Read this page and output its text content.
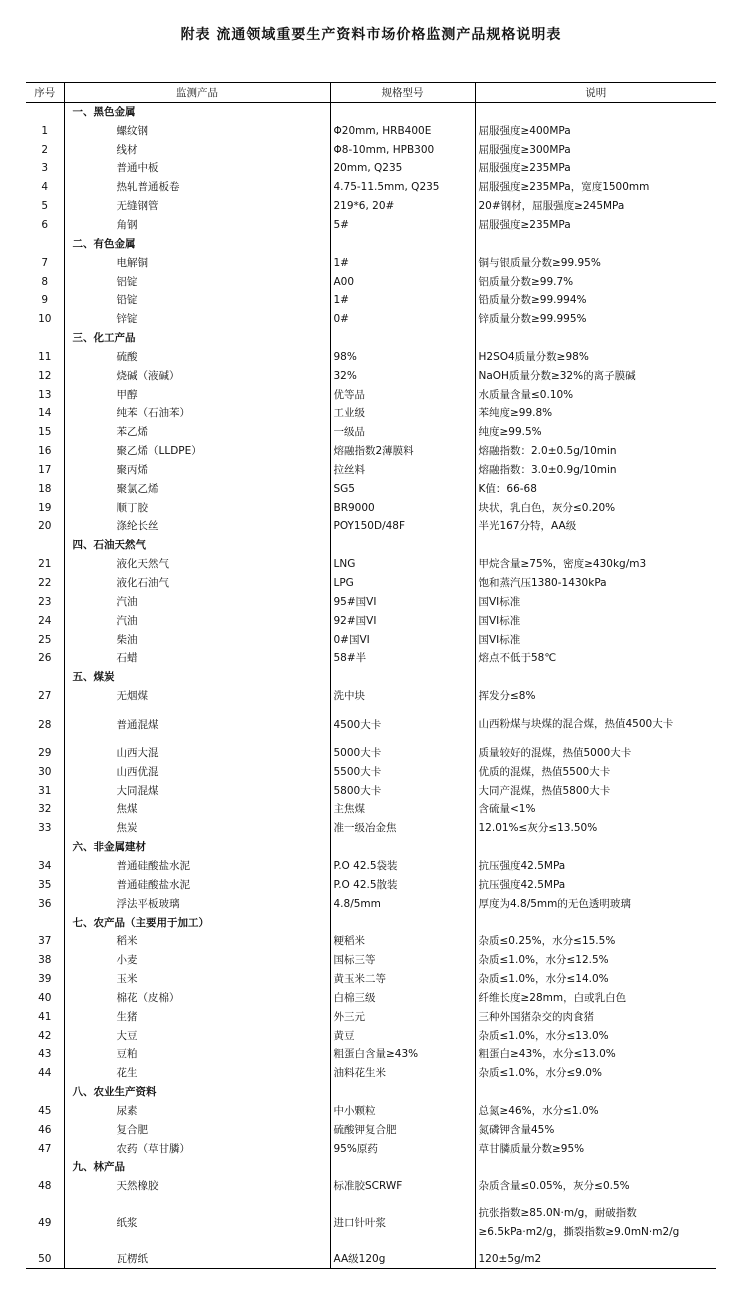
附表 流通领域重要生产资料市场价格监测产品规格说明表
序号	监测产品	规格型号	说明
	一、黑色金属		
1	螺纹钢	Φ20mm, HRB400E	屈服强度≥400MPa
2	线材	Φ8-10mm, HPB300	屈服强度≥300MPa
3	普通中板	20mm, Q235	屈服强度≥235MPa
4	热轧普通板卷	4.75-11.5mm, Q235	屈服强度≥235MPa，宽度1500mm
5	无缝钢管	219*6, 20#	20#钢材，屈服强度≥245MPa
6	角钢	5#	屈服强度≥235MPa
	二、有色金属		
7	电解铜	1#	铜与银质量分数≥99.95%
8	铝锭	A00	铝质量分数≥99.7%
9	铅锭	1#	铅质量分数≥99.994%
10	锌锭	0#	锌质量分数≥99.995%
	三、化工产品		
11	硫酸	98%	H2SO4质量分数≥98%
12	烧碱（液碱）	32%	NaOH质量分数≥32%的离子膜碱
13	甲醇	优等品	水质量含量≤0.10%
14	纯苯（石油苯）	工业级	苯纯度≥99.8%
15	苯乙烯	一级品	纯度≥99.5%
16	聚乙烯（LLDPE）	熔融指数2薄膜料	熔融指数：2.0±0.5g/10min
17	聚丙烯	拉丝料	熔融指数：3.0±0.9g/10min
18	聚氯乙烯	SG5	K值：66-68
19	顺丁胶	BR9000	块状，乳白色，灰分≤0.20%
20	涤纶长丝	POY150D/48F	半光167分特，AA级
	四、石油天然气		
21	液化天然气	LNG	甲烷含量≥75%，密度≥430kg/m3
22	液化石油气	LPG	饱和蒸汽压1380-1430kPa
23	汽油	95#国VI	国VI标准
24	汽油	92#国VI	国VI标准
25	柴油	0#国VI	国VI标准
26	石蜡	58#半	熔点不低于58℃
	五、煤炭		
27	无烟煤	洗中块	挥发分≤8%
28	普通混煤	4500大卡	山西粉煤与块煤的混合煤，热值4500大卡
29	山西大混	5000大卡	质量较好的混煤，热值5000大卡
30	山西优混	5500大卡	优质的混煤，热值5500大卡
31	大同混煤	5800大卡	大同产混煤，热值5800大卡
32	焦煤	主焦煤	含硫量<1%
33	焦炭	准一级冶金焦	12.01%≤灰分≤13.50%
	六、非金属建材		
34	普通硅酸盐水泥	P.O 42.5袋装	抗压强度42.5MPa
35	普通硅酸盐水泥	P.O 42.5散装	抗压强度42.5MPa
36	浮法平板玻璃	4.8/5mm	厚度为4.8/5mm的无色透明玻璃
	七、农产品（主要用于加工）		
37	稻米	粳稻米	杂质≤0.25%，水分≤15.5%
38	小麦	国标三等	杂质≤1.0%，水分≤12.5%
39	玉米	黄玉米二等	杂质≤1.0%，水分≤14.0%
40	棉花（皮棉）	白棉三级	纤维长度≥28mm，白或乳白色
41	生猪	外三元	三种外国猪杂交的肉食猪
42	大豆	黄豆	杂质≤1.0%，水分≤13.0%
43	豆粕	粗蛋白含量≥43%	粗蛋白≥43%，水分≤13.0%
44	花生	油料花生米	杂质≤1.0%，水分≤9.0%
	八、农业生产资料		
45	尿素	中小颗粒	总氮≥46%，水分≤1.0%
46	复合肥	硫酸钾复合肥	氮磷钾含量45%
47	农药（草甘膦）	95%原药	草甘膦质量分数≥95%
	九、林产品		
48	天然橡胶	标准胶SCRWF	杂质含量≤0.05%，灰分≤0.5%
49	纸浆	进口针叶浆	抗张指数≥85.0N·m/g，耐破指数≥6.5kPa·m2/g，撕裂指数≥9.0mN·m2/g
50	瓦楞纸	AA级120g	120±5g/m2
